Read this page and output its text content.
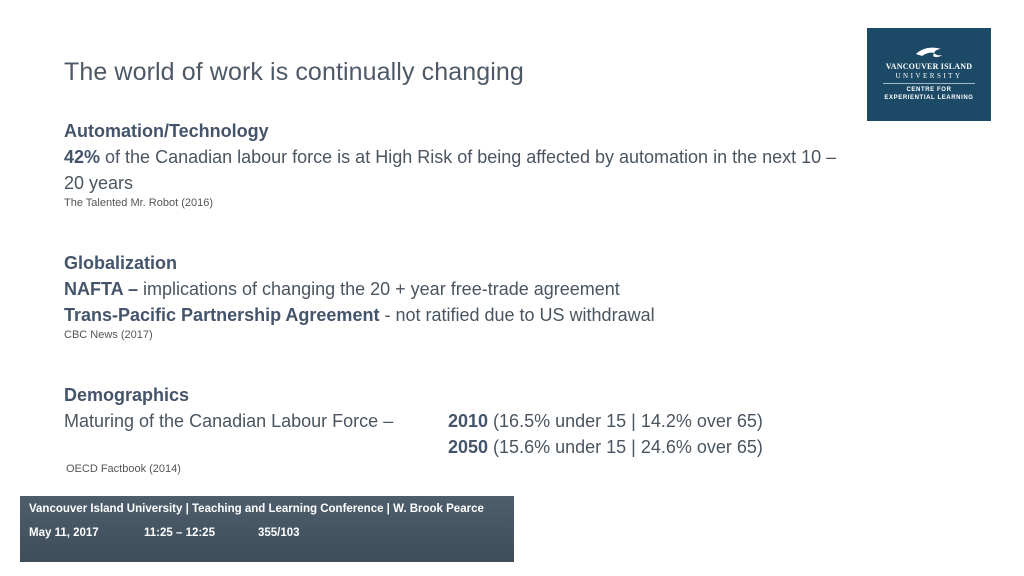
The world of work is continually changing	VANCOUVER ISLAND
UNIVERSITY
CENTRE FOR
EXPERIENTIAL LEARNING
Automation/Technology
42% of the Canadian labour force is at High Risk of being affected by automation in the next 10 – 20 years
The Talented Mr. Robot (2016)
Globalization
NAFTA – implications of changing the 20 + year free-trade agreement
Trans-Pacific Partnership Agreement - not ratified due to US withdrawal
CBC News (2017)
Demographics
Maturing of the Canadian Labour Force –	2010 (16.5% under 15 | 14.2% over 65)
2050 (15.6% under 15 | 24.6% over 65)
OECD Factbook (2014)
Vancouver Island University | Teaching and Learning Conference | W. Brook Pearce
May 11, 2017	11:25 – 12:25	355/103
